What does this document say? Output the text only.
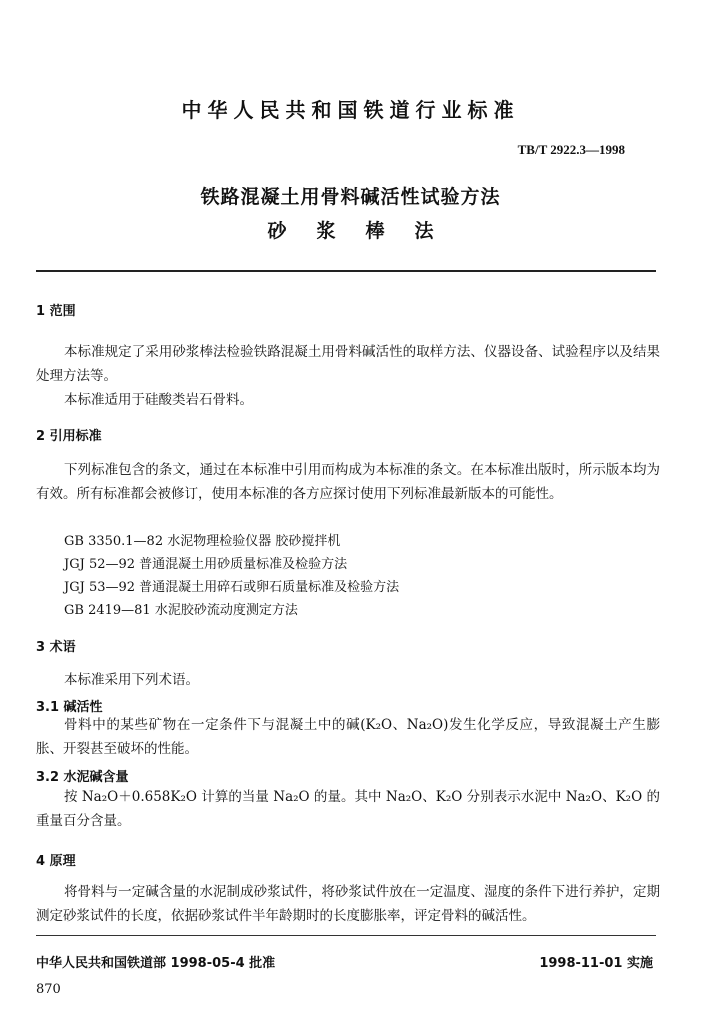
中华人民共和国铁道行业标准
TB/T 2922.3—1998
铁路混凝土用骨料碱活性试验方法
砂浆棒法
1 范围
本标准规定了采用砂浆棒法检验铁路混凝土用骨料碱活性的取样方法、仪器设备、试验程序以及结果处理方法等。
本标准适用于硅酸类岩石骨料。
2 引用标准
下列标准包含的条文，通过在本标准中引用而构成为本标准的条文。在本标准出版时，所示版本均为有效。所有标准都会被修订，使用本标准的各方应探讨使用下列标准最新版本的可能性。
GB 3350.1—82 水泥物理检验仪器 胶砂搅拌机
JGJ 52—92 普通混凝土用砂质量标准及检验方法
JGJ 53—92 普通混凝土用碎石或卵石质量标准及检验方法
GB 2419—81 水泥胶砂流动度测定方法
3 术语
本标准采用下列术语。
3.1 碱活性
骨料中的某些矿物在一定条件下与混凝土中的碱(K₂O、Na₂O)发生化学反应，导致混凝土产生膨胀、开裂甚至破坏的性能。
3.2 水泥碱含量
按 Na₂O＋0.658K₂O 计算的当量 Na₂O 的量。其中 Na₂O、K₂O 分别表示水泥中 Na₂O、K₂O 的重量百分含量。
4 原理
将骨料与一定碱含量的水泥制成砂浆试件，将砂浆试件放在一定温度、湿度的条件下进行养护，定期测定砂浆试件的长度，依据砂浆试件半年龄期时的长度膨胀率，评定骨料的碱活性。
中华人民共和国铁道部 1998-05-4 批准	1998-11-01 实施
870
